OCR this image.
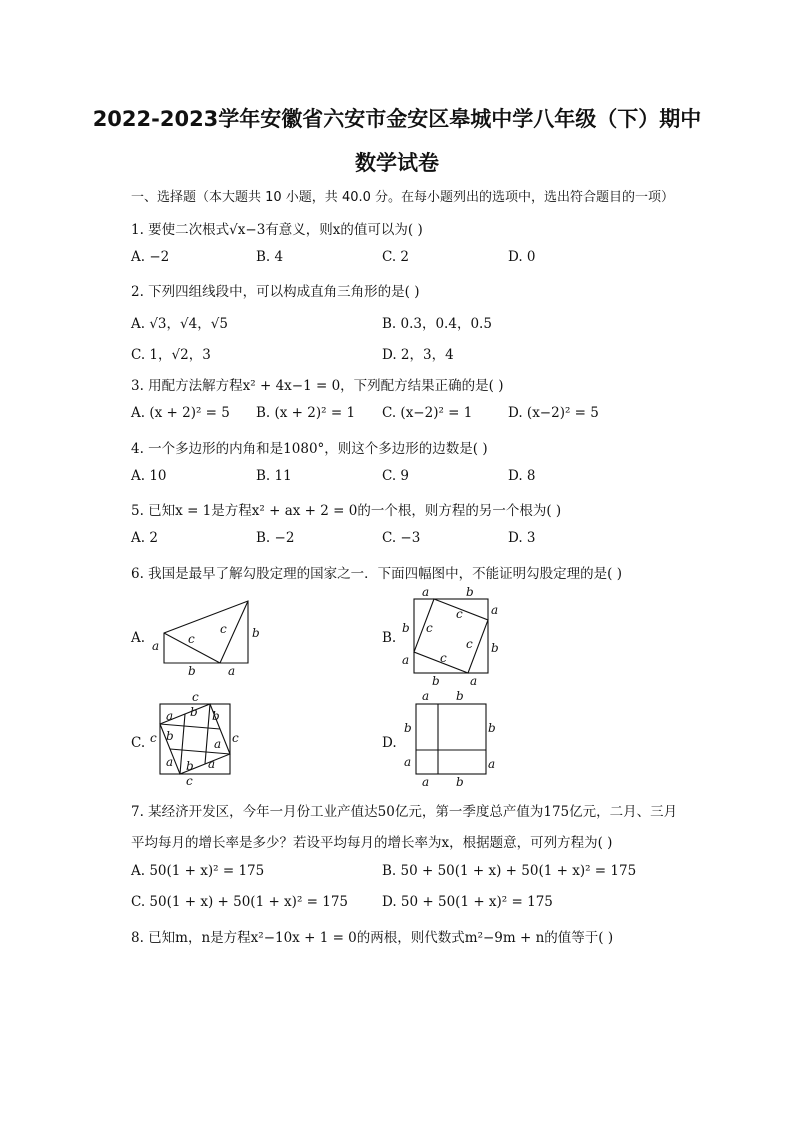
2022-2023学年安徽省六安市金安区皋城中学八年级（下）期中
数学试卷
一、选择题（本大题共 10 小题，共 40.0 分。在每小题列出的选项中，选出符合题目的一项）
1. 要使二次根式√x−3有意义，则x的值可以为( )
A. −2	B. 4	C. 2	D. 0
2. 下列四组线段中，可以构成直角三角形的是( )
A. √3，√4，√5	B. 0.3，0.4，0.5
C. 1，√2，3	D. 2，3，4
3. 用配方法解方程x² + 4x−1 = 0，下列配方结果正确的是( )
A. (x + 2)² = 5 B. (x + 2)² = 1 C. (x−2)² = 1	D. (x−2)² = 5
4. 一个多边形的内角和是1080°，则这个多边形的边数是( )
A. 10	B. 11	C. 9	D. 8
5. 已知x = 1是方程x² + ax + 2 = 0的一个根，则方程的另一个根为( )
A. 2	B. −2	C. −3	D. 3
6. 我国是最早了解勾股定理的国家之一．下面四幅图中，不能证明勾股定理的是( )
A. a
b	a
c
c b	B.
a	b
a
b
b	a
b
a
c
c
c
c
C.
c
c
c
c
a b b
a
b
a b a
D.
a b
b
a
a b
b
a
7. 某经济开发区，今年一月份工业产值达50亿元，第一季度总产值为175亿元，二月、三月
平均每月的增长率是多少？若设平均每月的增长率为x，根据题意，可列方程为( )
A. 50(1 + x)² = 175	B. 50 + 50(1 + x) + 50(1 + x)² = 175
C. 50(1 + x) + 50(1 + x)² = 175	D. 50 + 50(1 + x)² = 175
8. 已知m，n是方程x²−10x + 1 = 0的两根，则代数式m²−9m + n的值等于( )
